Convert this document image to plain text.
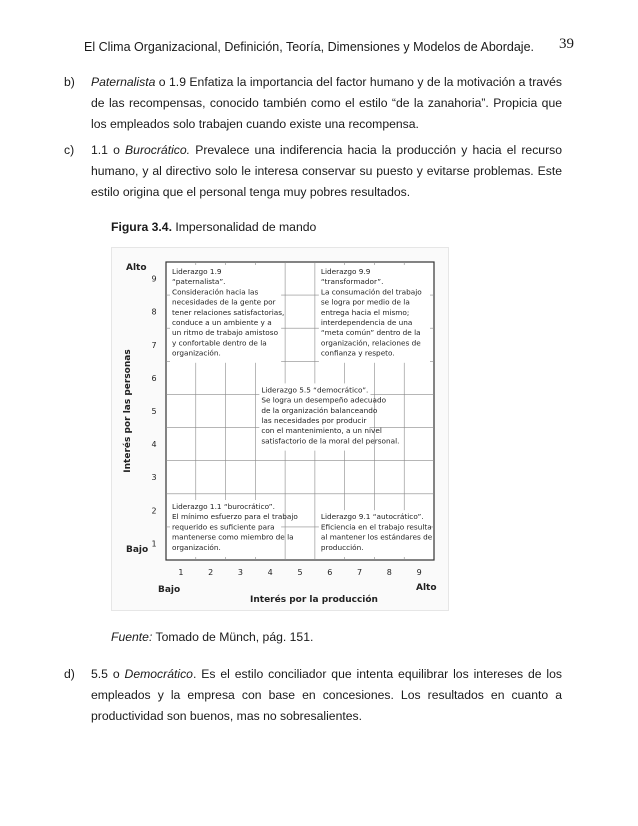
El Clima Organizacional, Definición, Teoría, Dimensiones y Modelos de Abordaje. 39
b) Paternalista o 1.9 Enfatiza la importancia del factor humano y de la motivación a través de las recompensas, conocido también como el estilo “de la zanahoria”. Propicia que los empleados solo trabajen cuando existe una recompensa.
c) 1.1 o Burocrático. Prevalece una indiferencia hacia la producción y hacia el recurso humano, y al directivo solo le interesa conservar su puesto y evitarse problemas. Este estilo origina que el personal tenga muy pobres resultados.
Figura 3.4. Impersonalidad de mando
1
2
3
4
5
6
7
8
9
1	2	3	4	5	6	7	8	9
Alto
Bajo
Bajo	Alto
Interés por la producción
Interés por las personas
Liderazgo 1.9
“paternalista”.
Consideración hacia las
necesidades de la gente por
tener relaciones satisfactorias,
conduce a un ambiente y a
un ritmo de trabajo amistoso
y confortable dentro de la
organización.
Liderazgo 9.9
“transformador”.
La consumación del trabajo
se logra por medio de la
entrega hacia el mismo;
interdependencia de una
“meta común” dentro de la
organización, relaciones de
confianza y respeto.
Liderazgo 5.5 “democrático”.
Se logra un desempeño adecuado
de la organización balanceando
las necesidades por producir
con el mantenimiento, a un nivel
satisfactorio de la moral del personal.
Liderazgo 1.1 “burocrático”.
El mínimo esfuerzo para el trabajo
requerido es suficiente para
mantenerse como miembro de la
organización.
Liderazgo 9.1 “autocrático”.
Eficiencia en el trabajo resulta
al mantener los estándares de
producción.
Fuente: Tomado de Münch, pág. 151.
d) 5.5 o Democrático. Es el estilo conciliador que intenta equilibrar los intereses de los empleados y la empresa con base en concesiones. Los resultados en cuanto a productividad son buenos, mas no sobresalientes.
